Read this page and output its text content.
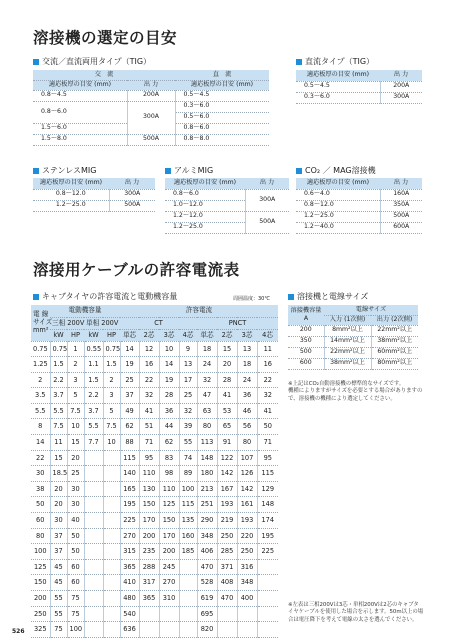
溶接機の選定の目安
交流／直流両用タイプ（TIG）
交　流		直　流
適応板厚の目安 (mm)	出 力	適応板厚の目安 (mm)
0.8〜4.5	200A	0.5〜4.5
0.8〜6.0	300A	0.3〜6.0
		0.5〜6.0
1.5〜6.0		0.8〜6.0
1.5〜8.0	500A	0.8〜8.0
直流タイプ（TIG）
適応板厚の目安 (mm)	出 力
0.5〜4.5	200A
0.3〜6.0	300A
ステンレスMIG
適応板厚の目安 (mm)	出 力
0.8〜12.0	300A
1.2〜25.0	500A
アルミMIG
適応板厚の目安 (mm)	出 力
0.8〜6.0	300A
1.0〜12.0	
1.2〜12.0	500A
1.2〜25.0	
CO₂ ／ MAG溶接機
適応板厚の目安 (mm)	出 力
0.6〜4.0	160A
0.8〜12.0	350A
1.2〜25.0	500A
1.2〜40.0	600A
溶接用ケーブルの許容電流表
キャブタイヤの許容電流と電動機容量	周囲温度：30℃
電 線
サイズ
mm²	電動機容量				許容電流							
	三相 200V		単相 200V		CT				PNCT			
	kW	HP	kW	HP	単芯	2芯	3芯	4芯	単芯	2芯	3芯	4芯
0.75	0.75	1	0.55	0.75	14	12	10	9	18	15	13	11
1.25	1.5	2	1.1	1.5	19	16	14	13	24	20	18	16
2	2.2	3	1.5	2	25	22	19	17	32	28	24	22
3.5	3.7	5	2.2	3	37	32	28	25	47	41	36	32
5.5	5.5	7.5	3.7	5	49	41	36	32	63	53	46	41
8	7.5	10	5.5	7.5	62	51	44	39	80	65	56	50
14	11	15	7.7	10	88	71	62	55	113	91	80	71
22	15	20			115	95	83	74	148	122	107	95
30	18.5	25			140	110	98	89	180	142	126	115
38	20	30			165	130	110	100	213	167	142	129
50	20	30			195	150	125	115	251	193	161	148
60	30	40			225	170	150	135	290	219	193	174
80	37	50			270	200	170	160	348	250	220	195
100	37	50			315	235	200	185	406	285	250	225
125	45	60			365	288	245		470	371	316	
150	45	60			410	317	270		528	408	348	
200	55	75			480	365	310		619	470	400	
250	55	75			540				695			
325	75	100			636				820			
溶接機と電線サイズ
溶接機容量
A	電線サイズ	
	入力 (1次側)	出力 (2次側)
200	8mm²以上	22mm²以上
350	14mm²以上	38mm²以上
500	22mm²以上	60mm²以上
600	38mm²以上	80mm²以上
※上記はCO₂自動溶接機の標準的なサイズです。
機種によりますがサイズを必要とする場合がありますので、溶接機の機種により選定してください。
※左表は三相200Vは3芯・単相200Vは2芯のキャブタ
イヤケーブルを使用した場合を示します。50m以上の場
合は電圧降下を考えて電線の太さを選んでください。
526
